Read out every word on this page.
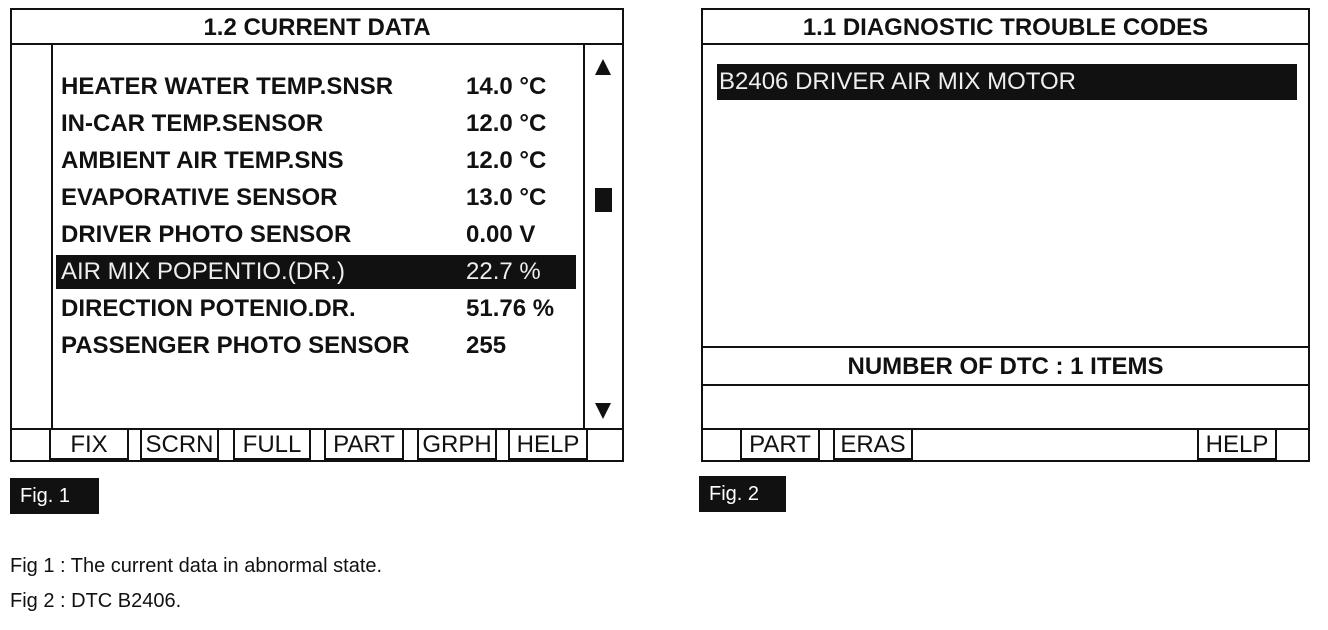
1.2 CURRENT DATA
HEATER WATER TEMP.SNSR	14.0 °C
IN-CAR TEMP.SENSOR	12.0 °C
AMBIENT AIR TEMP.SNS	12.0 °C
EVAPORATIVE SENSOR	13.0 °C
DRIVER PHOTO SENSOR	0.00 V
AIR MIX POPENTIO.(DR.)	22.7 %
DIRECTION POTENIO.DR.	51.76 %
PASSENGER PHOTO SENSOR 255
FIX	SCRN	FULL	PART	GRPH	HELP
1.1 DIAGNOSTIC TROUBLE CODES
B2406 DRIVER AIR MIX MOTOR
NUMBER OF DTC : 1 ITEMS
PART	ERAS	HELP
Fig. 1	Fig. 2
Fig 1 : The current data in abnormal state.
Fig 2 : DTC B2406.
